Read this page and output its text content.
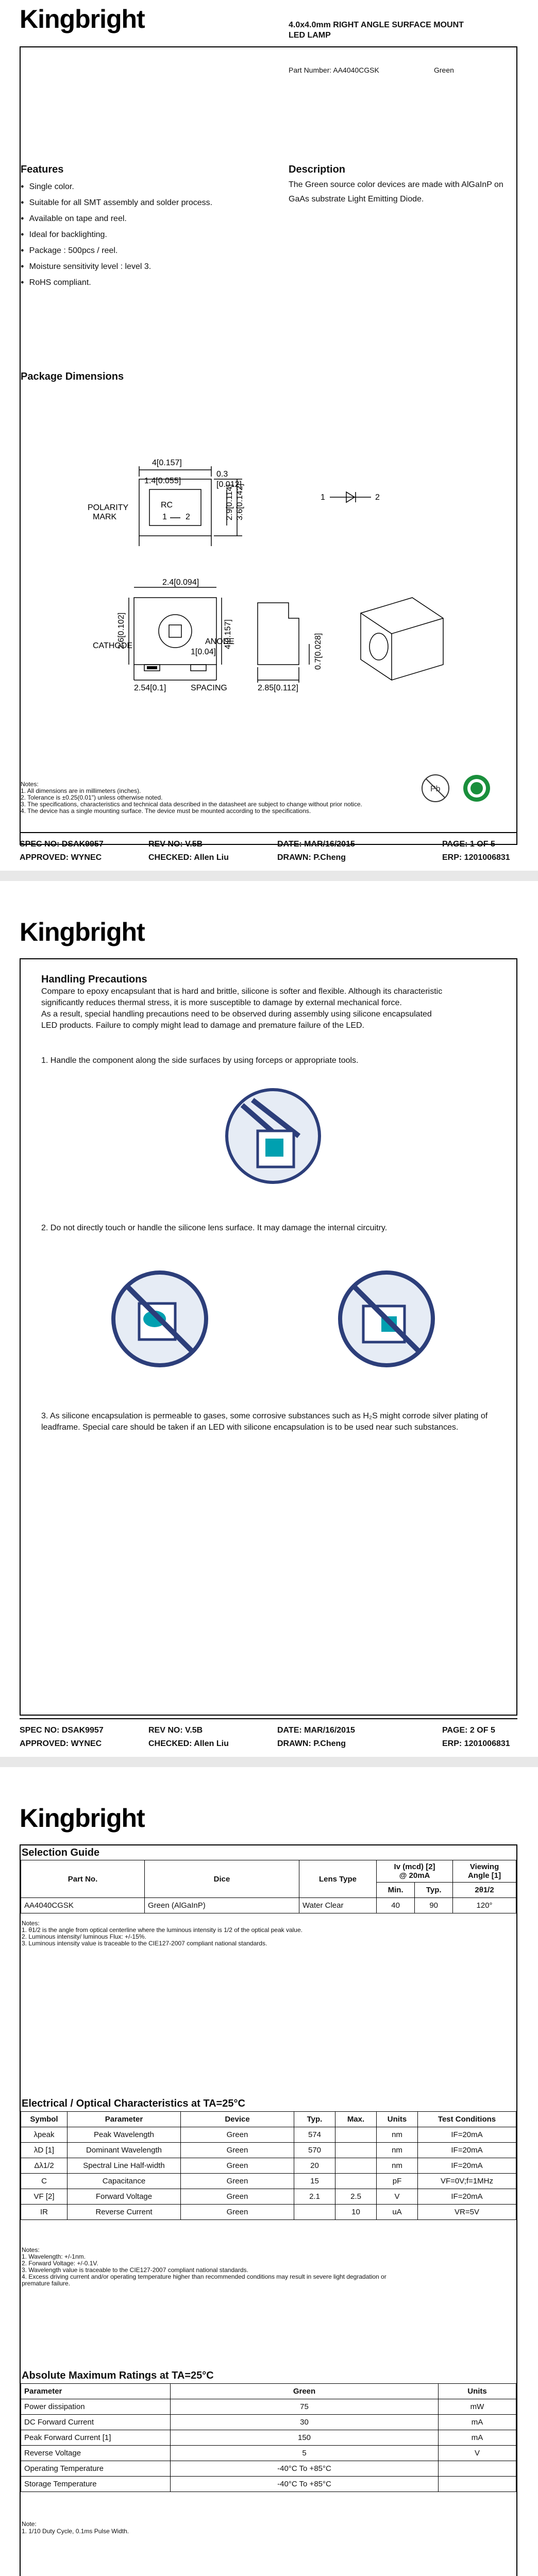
Kingbright	4.0x4.0mm RIGHT ANGLE SURFACE MOUNT
LED LAMP
Part Number: AA4040CGSK	Green
Features
● Single color.
● Suitable for all SMT assembly and solder process.
● Available on tape and reel.
● Ideal for backlighting.
● Package : 500pcs / reel.
● Moisture sensitivity level : level 3.
● RoHS compliant.
Description
The Green source color devices are made with AlGaInP on
GaAs substrate Light Emitting Diode.
Package Dimensions
4[0.157]
1.4[0.055]
0.3
[0.012]
3.6[0.142]
2.9[0.114]
1 2
POLARITY
MARK
RC
1	2
2.4[0.094]
2.6[0.102]	4[0.157]
CATHODE	ANODE
1[0.04]
2.54[0.1]	SPACING	2.85[0.112]
0.7[0.028]
Notes:
1. All dimensions are in millimeters (inches).
2. Tolerance is ±0.25(0.01") unless otherwise noted.
3. The specifications, characteristics and technical data described in the datasheet are subject to change without prior notice.
4. The device has a single mounting surface. The device must be mounted according to the specifications.
Pb
SPEC NO: DSAK9957	REV NO: V.5B	DATE: MAR/16/2015	PAGE: 1 OF 5
APPROVED: WYNEC	CHECKED: Allen Liu	DRAWN: P.Cheng	ERP: 1201006831
Kingbright
Handling Precautions
Compare to epoxy encapsulant that is hard and brittle, silicone is softer and flexible. Although its characteristic
significantly reduces thermal stress, it is more susceptible to damage by external mechanical force.
As a result, special handling precautions need to be observed during assembly using silicone encapsulated
LED products. Failure to comply might lead to damage and premature failure of the LED.
1. Handle the component along the side surfaces by using forceps or appropriate tools.
2. Do not directly touch or handle the silicone lens surface. It may damage the internal circuitry.
3. As silicone encapsulation is permeable to gases, some corrosive substances such as H₂S might corrode silver plating of
leadframe. Special care should be taken if an LED with silicone encapsulation is to be used near such substances.
SPEC NO: DSAK9957	REV NO: V.5B	DATE: MAR/16/2015	PAGE: 2 OF 5
APPROVED: WYNEC	CHECKED: Allen Liu	DRAWN: P.Cheng	ERP: 1201006831
Kingbright
Selection Guide
Part No.	Dice	Lens Type	Iv (mcd) [2]
@ 20mA		Viewing
Angle [1]
			Min.	Typ.	2θ1/2
AA4040CGSK	Green (AlGaInP)	Water Clear	40	90	120°
Notes:
1. θ1/2 is the angle from optical centerline where the luminous intensity is 1/2 of the optical peak value.
2. Luminous intensity/ luminous Flux: +/-15%.
3. Luminous intensity value is traceable to the CIE127-2007 compliant national standards.
Electrical / Optical Characteristics at TA=25°C
Symbol	Parameter	Device	Typ.	Max.	Units	Test Conditions
λpeak	Peak Wavelength	Green	574		nm	IF=20mA
λD [1]	Dominant Wavelength	Green	570		nm	IF=20mA
Δλ1/2	Spectral Line Half-width	Green	20		nm	IF=20mA
C	Capacitance	Green	15		pF	VF=0V;f=1MHz
VF [2]	Forward Voltage	Green	2.1	2.5	V	IF=20mA
IR	Reverse Current	Green		10	uA	VR=5V
Notes:
1. Wavelength: +/-1nm.
2. Forward Voltage: +/-0.1V.
3. Wavelength value is traceable to the CIE127-2007 compliant national standards.
4. Excess driving current and/or operating temperature higher than recommended conditions may result in severe light degradation or
premature failure.
Absolute Maximum Ratings at TA=25°C
Parameter	Green	Units
Power dissipation	75	mW
DC Forward Current	30	mA
Peak Forward Current [1]	150	mA
Reverse Voltage	5	V
Operating Temperature	-40°C To +85°C	
Storage Temperature	-40°C To +85°C	
Note:
1. 1/10 Duty Cycle, 0.1ms Pulse Width.
